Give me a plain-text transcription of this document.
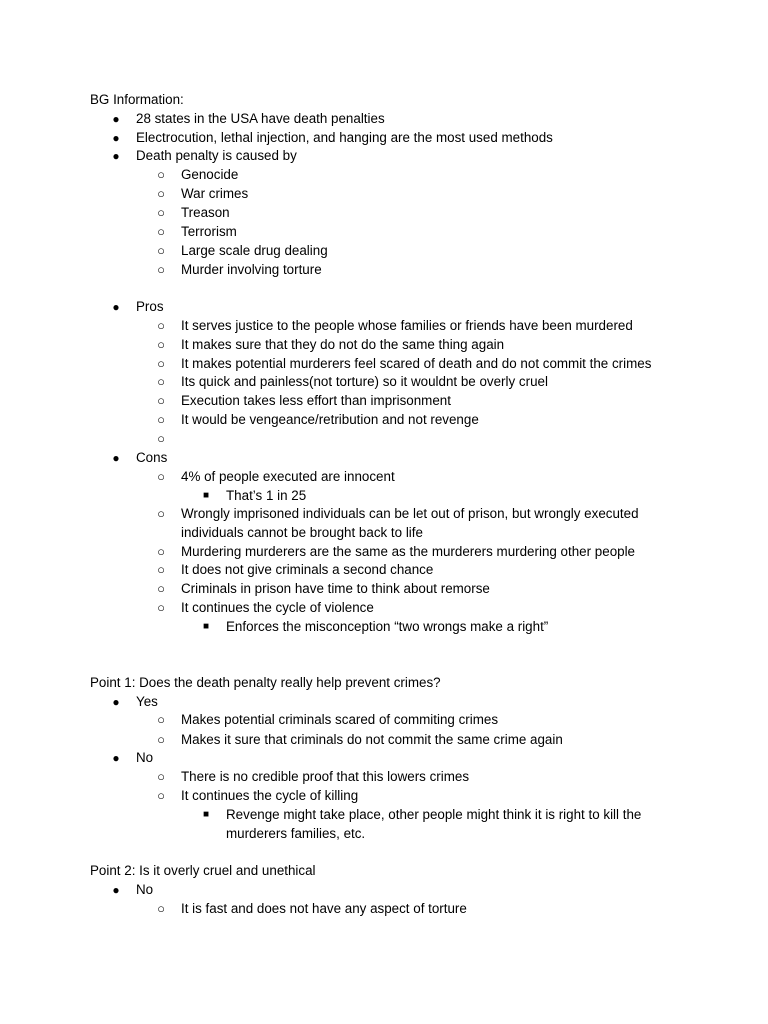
BG Information:
● 28 states in the USA have death penalties
● Electrocution, lethal injection, and hanging are the most used methods
● Death penalty is caused by
○ Genocide
○ War crimes
○ Treason
○ Terrorism
○ Large scale drug dealing
○ Murder involving torture
● Pros
○ It serves justice to the people whose families or friends have been murdered
○ It makes sure that they do not do the same thing again
○ It makes potential murderers feel scared of death and do not commit the crimes
○ Its quick and painless(not torture) so it wouldnt be overly cruel
○ Execution takes less effort than imprisonment
○ It would be vengeance/retribution and not revenge
○
● Cons
○ 4% of people executed are innocent
■ That’s 1 in 25
○ Wrongly imprisoned individuals can be let out of prison, but wrongly executed
individuals cannot be brought back to life
○ Murdering murderers are the same as the murderers murdering other people
○ It does not give criminals a second chance
○ Criminals in prison have time to think about remorse
○ It continues the cycle of violence
■ Enforces the misconception “two wrongs make a right”
Point 1: Does the death penalty really help prevent crimes?
● Yes
○ Makes potential criminals scared of commiting crimes
○ Makes it sure that criminals do not commit the same crime again
● No
○ There is no credible proof that this lowers crimes
○ It continues the cycle of killing
■ Revenge might take place, other people might think it is right to kill the
murderers families, etc.
Point 2: Is it overly cruel and unethical
● No
○ It is fast and does not have any aspect of torture
